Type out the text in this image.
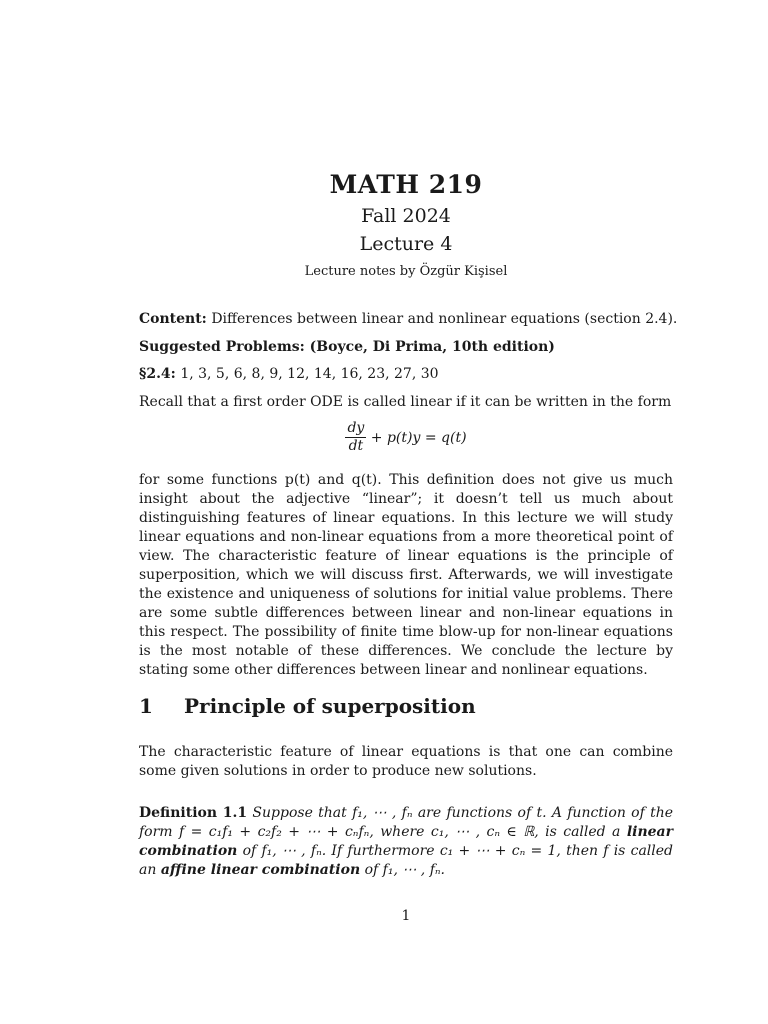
MATH 219
Fall 2024
Lecture 4
Lecture notes by Özgür Kişisel
Content: Differences between linear and nonlinear equations (section 2.4).
Suggested Problems: (Boyce, Di Prima, 10th edition)
§2.4: 1, 3, 5, 6, 8, 9, 12, 14, 16, 23, 27, 30
Recall that a first order ODE is called linear if it can be written in the form
$\frac{dy}{dt} + p(t)y = q(t)$
for some functions p(t) and q(t). This definition does not give us much insight about the adjective “linear”; it doesn’t tell us much about distinguishing features of linear equations. In this lecture we will study linear equations and non-linear equations from a more theoretical point of view. The characteristic feature of linear equations is the principle of superposition, which we will discuss first. Afterwards, we will investigate the existence and uniqueness of solutions for initial value problems. There are some subtle differences between linear and non-linear equations in this respect. The possibility of finite time blow-up for non-linear equations is the most notable of these differences. We conclude the lecture by stating some other differences between linear and nonlinear equations.
1 Principle of superposition
The characteristic feature of linear equations is that one can combine some given solutions in order to produce new solutions.
Definition 1.1 Suppose that f₁, ⋯ , fₙ are functions of t. A function of the form f = c₁f₁ + c₂f₂ + ⋯ + cₙfₙ, where c₁, ⋯ , cₙ ∈ ℝ, is called a linear combination of f₁, ⋯ , fₙ. If furthermore c₁ + ⋯ + cₙ = 1, then f is called an affine linear combination of f₁, ⋯ , fₙ.
1
